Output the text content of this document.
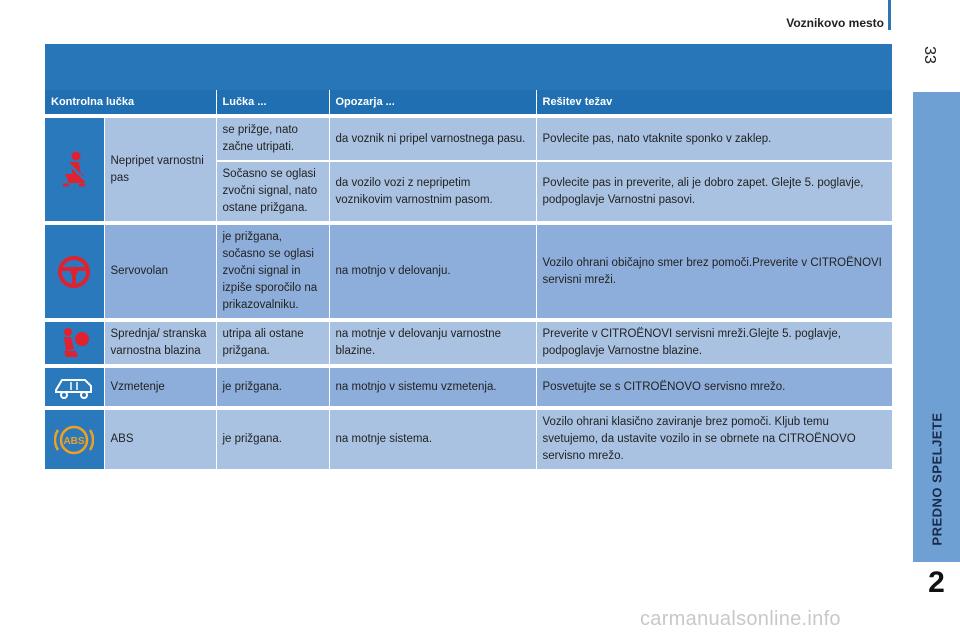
Voznikovo mesto
33
PREDNO SPELJETE
2
Kontrolna lučka		Lučka ...	Opozarja ...	Rešitev težav

	Nepripet varnostni pas	se prižge, nato začne utripati.	da voznik ni pripel varnostnega pasu.	Povlecite pas, nato vtaknite sponko v zaklep.
		Sočasno se oglasi zvočni signal, nato ostane prižgana.	da vozilo vozi z nepripetim voznikovim varnostnim pasom.	Povlecite pas in preverite, ali je dobro zapet. Glejte 5. poglavje, podpoglavje Varnostni pasovi.

	Servovolan	je prižgana, sočasno se oglasi zvočni signal in izpiše sporočilo na prikazovalniku.	na motnjo v delovanju.	Vozilo ohrani običajno smer brez pomoči.Preverite v CITROËNOVI servisni mreži.

	Sprednja/ stranska varnostna blazina	utripa ali ostane prižgana.	na motnje v delovanju varnostne blazine.	Preverite v CITROËNOVI servisni mreži.Glejte 5. poglavje, podpoglavje Varnostne blazine.

	Vzmetenje	je prižgana.	na motnjo v sistemu vzmetenja.	Posvetujte se s CITROËNOVO servisno mrežo.

ABS	ABS	je prižgana.	na motnje sistema.	Vozilo ohrani klasično zaviranje brez pomoči. Kljub temu svetujemo, da ustavite vozilo in se obrnete na CITROËNOVO servisno mrežo.
carmanualsonline.info
